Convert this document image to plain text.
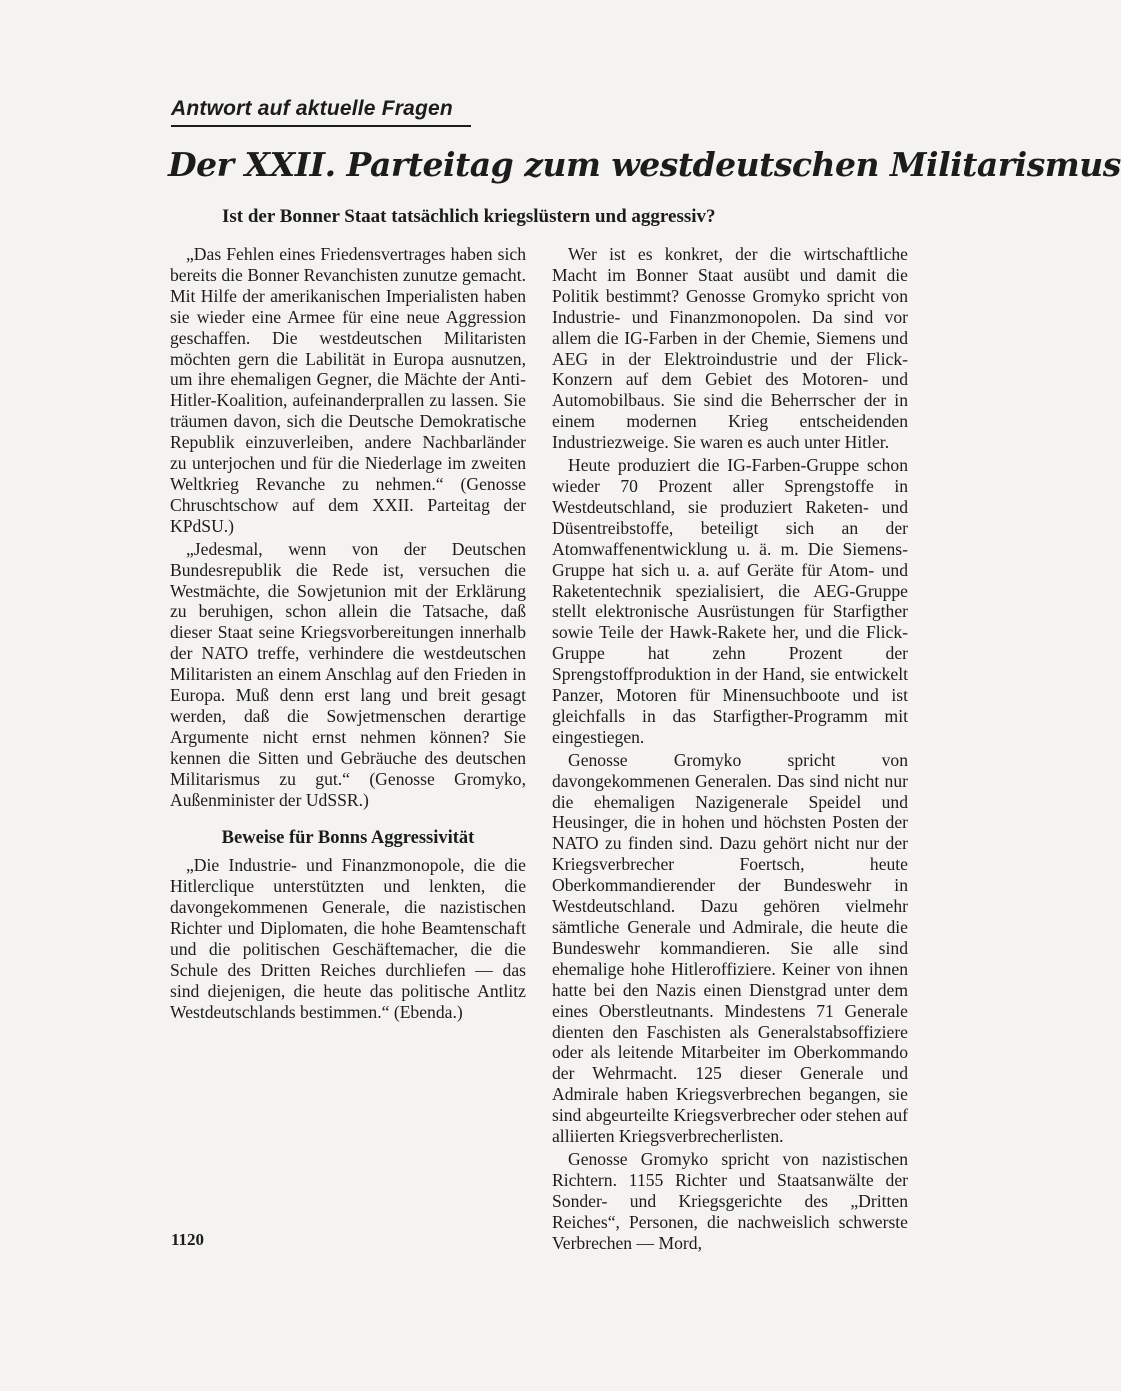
Antwort auf aktuelle Fragen
Der XXII. Parteitag zum westdeutschen Militarismus
Ist der Bonner Staat tatsächlich kriegslüstern und aggressiv?

„Das Fehlen eines Friedensvertrages haben sich bereits die Bonner Revanchisten zunutze gemacht. Mit Hilfe der amerikanischen Imperialisten haben sie wieder eine Armee für eine neue Aggression geschaffen. Die westdeutschen Militaristen möchten gern die Labilität in Europa ausnutzen, um ihre ehemaligen Gegner, die Mächte der Anti-Hitler-Koalition, aufeinanderprallen zu lassen. Sie träumen davon, sich die Deutsche Demokratische Republik einzuverleiben, andere Nachbarländer zu unterjochen und für die Niederlage im zweiten Weltkrieg Revanche zu nehmen.“ (Genosse Chruschtschow auf dem XXII. Parteitag der KPdSU.)

„Jedesmal, wenn von der Deutschen Bundesrepublik die Rede ist, versuchen die Westmächte, die Sowjetunion mit der Erklärung zu beruhigen, schon allein die Tatsache, daß dieser Staat seine Kriegsvorbereitungen innerhalb der NATO treffe, verhindere die westdeutschen Militaristen an einem Anschlag auf den Frieden in Europa. Muß denn erst lang und breit gesagt werden, daß die Sowjetmenschen derartige Argumente nicht ernst nehmen können? Sie kennen die Sitten und Gebräuche des deutschen Militarismus zu gut.“ (Genosse Gromyko, Außenminister der UdSSR.)

Beweise für Bonns Aggressivität

„Die Industrie- und Finanzmonopole, die die Hitlerclique unterstützten und lenkten, die davongekommenen Generale, die nazistischen Richter und Diplomaten, die hohe Beamtenschaft und die politischen Geschäftemacher, die die Schule des Dritten Reiches durchliefen — das sind diejenigen, die heute das politische Antlitz Westdeutschlands bestimmen.“ (Ebenda.)

Wer ist es konkret, der die wirtschaftliche Macht im Bonner Staat ausübt und damit die Politik bestimmt? Genosse Gromyko spricht von Industrie- und Finanzmonopolen. Da sind vor allem die IG-Farben in der Chemie, Siemens und AEG in der Elektroindustrie und der Flick-Konzern auf dem Gebiet des Motoren- und Automobilbaus. Sie sind die Beherrscher der in einem modernen Krieg entscheidenden Industriezweige. Sie waren es auch unter Hitler.

Heute produziert die IG-Farben-Gruppe schon wieder 70 Prozent aller Sprengstoffe in Westdeutschland, sie produziert Raketen- und Düsentreibstoffe, beteiligt sich an der Atomwaffenentwicklung u. ä. m. Die Siemens-Gruppe hat sich u. a. auf Geräte für Atom- und Raketentechnik spezialisiert, die AEG-Gruppe stellt elektronische Ausrüstungen für Starfigther sowie Teile der Hawk-Rakete her, und die Flick-Gruppe hat zehn Prozent der Sprengstoffproduktion in der Hand, sie entwickelt Panzer, Motoren für Minensuchboote und ist gleichfalls in das Starfigther-Programm mit eingestiegen.

Genosse Gromyko spricht von davongekommenen Generalen. Das sind nicht nur die ehemaligen Nazigenerale Speidel und Heusinger, die in hohen und höchsten Posten der NATO zu finden sind. Dazu gehört nicht nur der Kriegsverbrecher Foertsch, heute Oberkommandierender der Bundeswehr in Westdeutschland. Dazu gehören vielmehr sämtliche Generale und Admirale, die heute die Bundeswehr kommandieren. Sie alle sind ehemalige hohe Hitleroffiziere. Keiner von ihnen hatte bei den Nazis einen Dienstgrad unter dem eines Oberstleutnants. Mindestens 71 Generale dienten den Faschisten als Generalstabsoffiziere oder als leitende Mitarbeiter im Oberkommando der Wehrmacht. 125 dieser Generale und Admirale haben Kriegsverbrechen begangen, sie sind abgeurteilte Kriegsverbrecher oder stehen auf alliierten Kriegsverbrecherlisten.

Genosse Gromyko spricht von nazistischen Richtern. 1155 Richter und Staatsanwälte der Sonder- und Kriegsgerichte des „Dritten Reiches“, Personen, die nachweislich schwerste Verbrechen — Mord,

1120
